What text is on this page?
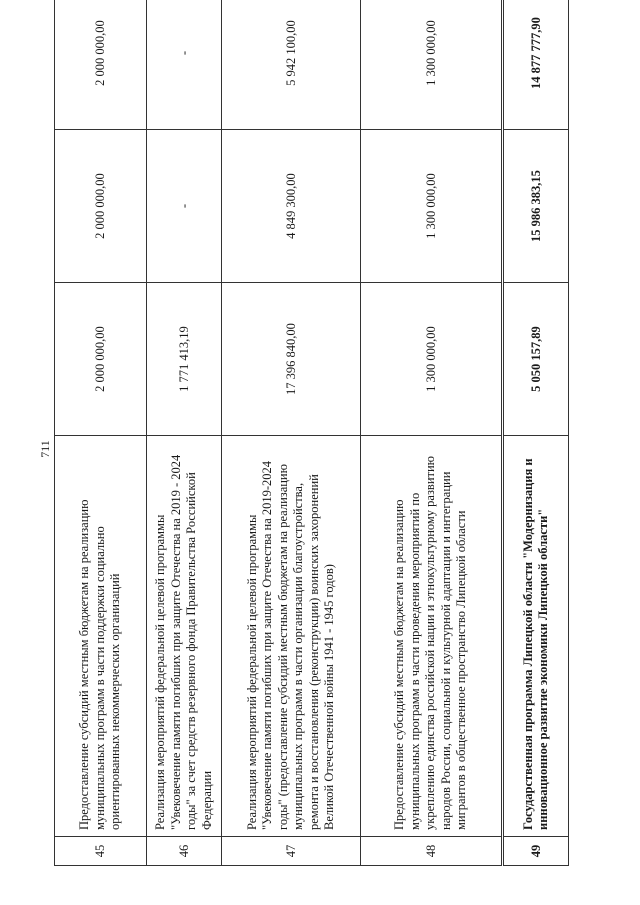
711
45	Предоставление субсидий местным бюджетам на реализацию муниципальных программ в части поддержки социально ориентированных некоммерческих организаций	2 000 000,00	2 000 000,00	2 000 000,00
46	Реализация мероприятий федеральной целевой программы "Увековечение памяти погибших при защите Отечества на 2019 - 2024 годы" за счет средств резервного фонда Правительства Российской Федерации	1 771 413,19	-	-
47	Реализация мероприятий федеральной целевой программы "Увековечение памяти погибших при защите Отечества на 2019-2024 годы" (предоставление субсидий местным бюджетам на реализацию муниципальных программ в части организации благоустройства, ремонта и восстановления (реконструкции) воинских захоронений Великой Отечественной войны 1941 - 1945 годов)	17 396 840,00	4 849 300,00	5 942 100,00
48	Предоставление субсидий местным бюджетам на реализацию муниципальных программ в части проведения мероприятий по укреплению единства российской нации и этнокультурному развитию народов России, социальной и культурной адаптации и интеграции мигрантов в общественное пространство Липецкой области	1 300 000,00	1 300 000,00	1 300 000,00
49	Государственная программа Липецкой области "Модернизация и инновационное развитие экономики Липецкой области"	5 050 157,89	15 986 383,15	14 877 777,90
